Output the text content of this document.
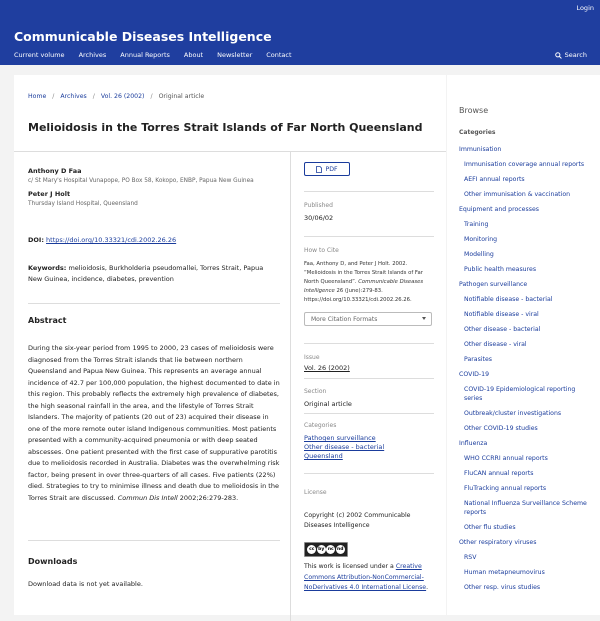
Login
Communicable Diseases Intelligence
Current volume Archives Annual Reports About Newsletter Contact	Search
Home / Archives / Vol. 26 (2002) / Original article
Melioidosis in the Torres Strait Islands of Far North Queensland
Anthony D Faa
c/ St Mary's Hospital Vunapope, PO Box 58, Kokopo, ENBP, Papua New Guinea
Peter J Holt
Thursday Island Hospital, Queensland
DOI: https://doi.org/10.33321/cdi.2002.26.26
Keywords: melioidosis, Burkholderia pseudomallei, Torres Strait, Papua New Guinea, incidence, diabetes, prevention
Abstract
During the six-year period from 1995 to 2000, 23 cases of melioidosis were diagnosed from the Torres Strait islands that lie between northern Queensland and Papua New Guinea. This represents an average annual incidence of 42.7 per 100,000 population, the highest documented to date in this region. This probably reflects the extremely high prevalence of diabetes, the high seasonal rainfall in the area, and the lifestyle of Torres Strait Islanders. The majority of patients (20 out of 23) acquired their disease in one of the more remote outer island Indigenous communities. Most patients presented with a community-acquired pneumonia or with deep seated abscesses. One patient presented with the first case of suppurative parotitis due to melioidosis recorded in Australia. Diabetes was the overwhelming risk factor, being present in over three-quarters of all cases. Five patients (22%) died. Strategies to try to minimise illness and death due to melioidosis in the Torres Strait are discussed. Commun Dis Intell 2002;26:279-283.
Downloads
Download data is not yet available.
PDF
Published
30/06/02
How to Cite
Faa, Anthony D, and Peter J Holt. 2002. “Melioidosis in the Torres Strait Islands of Far North Queensland”. Communicable Diseases Intelligence 26 (June):279-83. https://doi.org/10.33321/cdi.2002.26.26.
More Citation Formats
Issue
Vol. 26 (2002)
Section
Original article
Categories
Pathogen surveillance
Other disease - bacterial
Queensland
License
Copyright (c) 2002 Communicable Diseases Intelligence
cc by nc nd
This work is licensed under a Creative Commons Attribution-NonCommercial-NoDerivatives 4.0 International License.
Browse
Categories
Immunisation
Immunisation coverage annual reports
AEFI annual reports
Other immunisation & vaccination
Equipment and processes
Training
Monitoring
Modelling
Public health measures
Pathogen surveillance
Notifiable disease - bacterial
Notifiable disease - viral
Other disease - bacterial
Other disease - viral
Parasites
COVID-19
COVID-19 Epidemiological reporting series
Outbreak/cluster investigations
Other COVID-19 studies
Influenza
WHO CCRRI annual reports
FluCAN annual reports
FluTracking annual reports
National Influenza Surveillance Scheme reports
Other flu studies
Other respiratory viruses
RSV
Human metapneumovirus
Other resp. virus studies
